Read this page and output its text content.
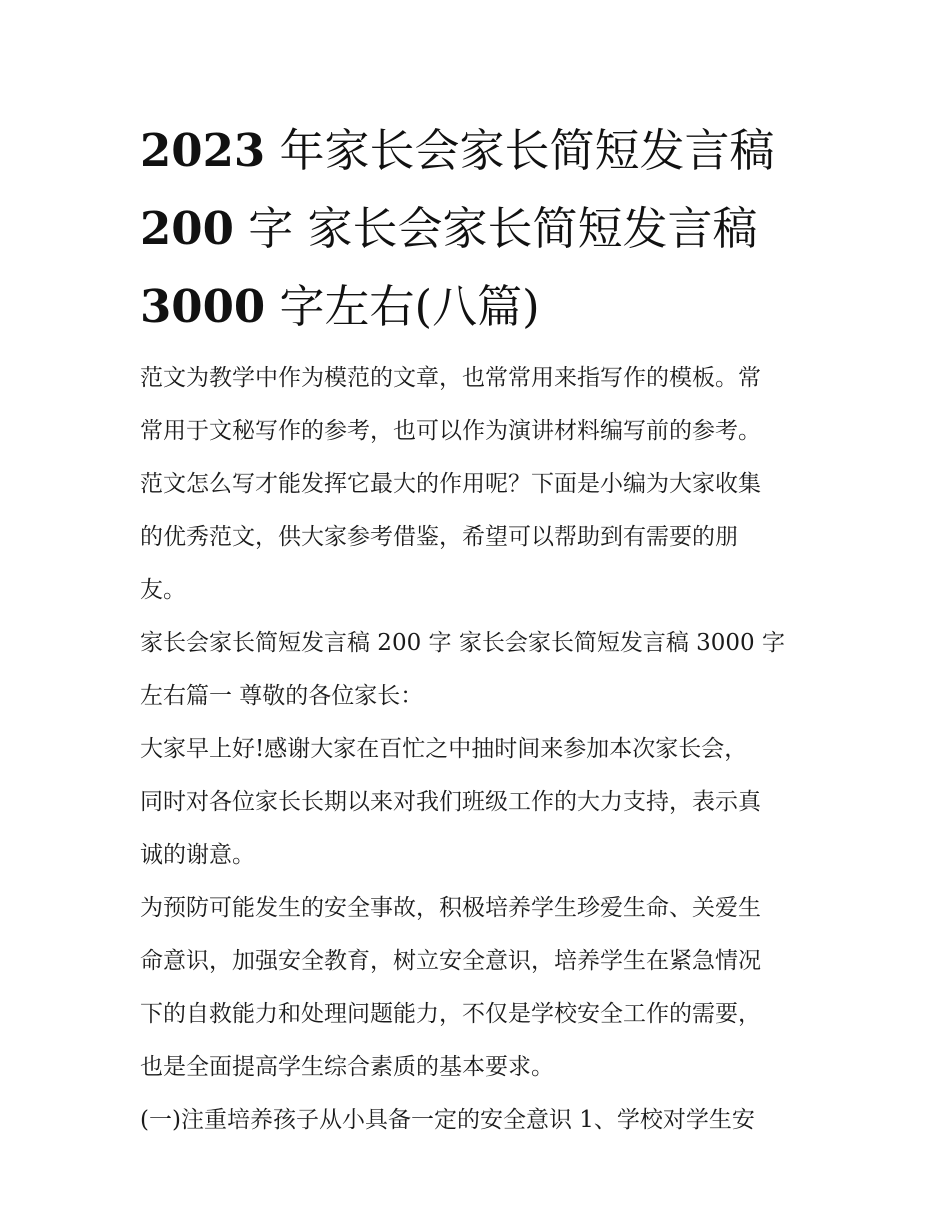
2023 年家长会家长简短发言稿
200 字 家长会家长简短发言稿
3000 字左右(八篇)

范文为教学中作为模范的文章，也常常用来指写作的模板。常
常用于文秘写作的参考，也可以作为演讲材料编写前的参考。
范文怎么写才能发挥它最大的作用呢？下面是小编为大家收集
的优秀范文，供大家参考借鉴，希望可以帮助到有需要的朋
友。

家长会家长简短发言稿 200 字 家长会家长简短发言稿 3000 字
左右篇一 尊敬的各位家长：

大家早上好!感谢大家在百忙之中抽时间来参加本次家长会，
同时对各位家长长期以来对我们班级工作的大力支持，表示真
诚的谢意。

为预防可能发生的安全事故，积极培养学生珍爱生命、关爱生
命意识，加强安全教育，树立安全意识，培养学生在紧急情况
下的自救能力和处理问题能力，不仅是学校安全工作的需要，
也是全面提高学生综合素质的基本要求。

(一)注重培养孩子从小具备一定的安全意识 1、学校对学生安
